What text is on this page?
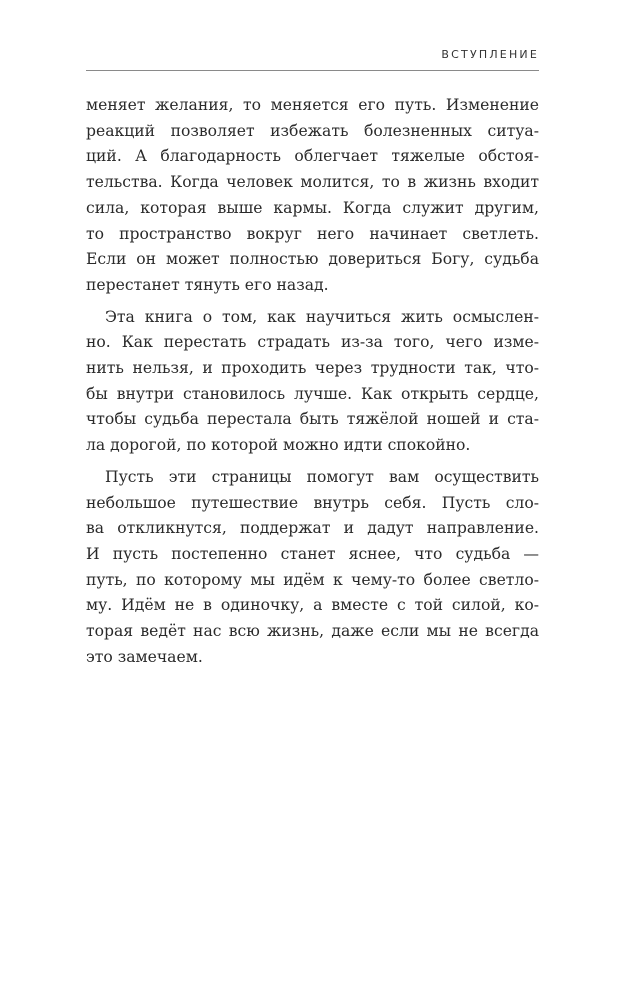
ВСТУПЛЕНИЕ

меняет желания, то меняется его путь. Изменение
реакций позволяет избежать болезненных ситуа-
ций. А благодарность облегчает тяжелые обстоя-
тельства. Когда человек молится, то в жизнь входит
сила, которая выше кармы. Когда служит другим,
то пространство вокруг него начинает светлеть.
Если он может полностью довериться Богу, судьба
перестанет тянуть его назад.

Эта книга о том, как научиться жить осмыслен-
но. Как перестать страдать из-за того, чего изме-
нить нельзя, и проходить через трудности так, что-
бы внутри становилось лучше. Как открыть сердце,
чтобы судьба перестала быть тяжёлой ношей и ста-
ла дорогой, по которой можно идти спокойно.

Пусть эти страницы помогут вам осуществить
небольшое путешествие внутрь себя. Пусть сло-
ва откликнутся, поддержат и дадут направление.
И пусть постепенно станет яснее, что судьба —
путь, по которому мы идём к чему-то более светло-
му. Идём не в одиночку, а вместе с той силой, ко-
торая ведёт нас всю жизнь, даже если мы не всегда
это замечаем.
